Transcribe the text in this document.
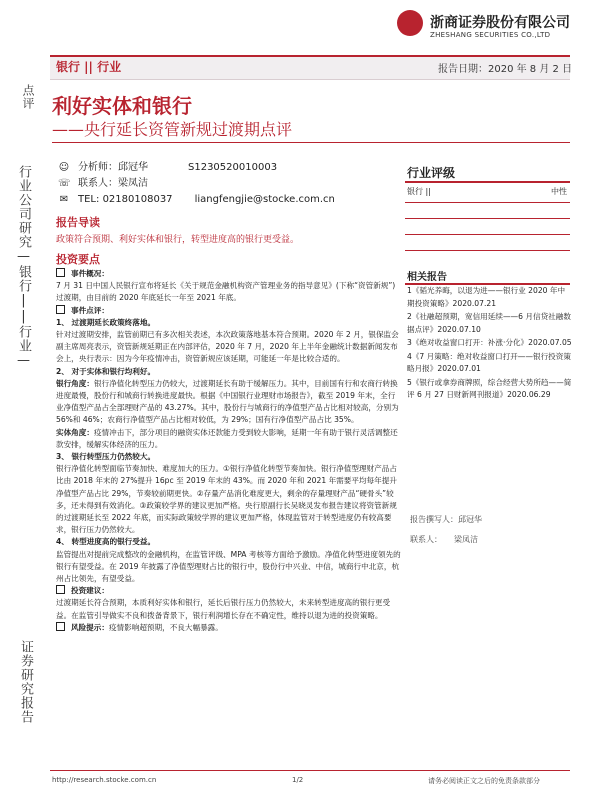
浙商证券股份有限公司
ZHESHANG SECURITIES CO.,LTD
银行 || 行业	报告日期：2020 年 8 月 2 日
点评 利好实体和银行
——央行延长资管新规过渡期点评
行业公司研究—银行||行业—
证券研究报告
☺ 分析师：邱冠华	S1230520010003
☏ 联系人：梁凤洁
✉ TEL: 02180108037 liangfengjie@stocke.com.cn
行业评级
银行 ||	中性
报告导读
政策符合预期、利好实体和银行，转型进度高的银行更受益。
投资要点

事件概况：

7 月 31 日中国人民银行宣布将延长《关于规范金融机构资产管理业务的指导意见》(下称“资管新规”)过渡期，由目前的 2020 年底延长一年至 2021 年底。

事件点评：

1、 过渡期延长政策终落地。

针对过渡期安排，监管前期已有多次相关表述，本次政策落地基本符合预期。2020 年 2 月，银保监会副主席周亮表示，资管新规延期正在内部评估，2020 年 7 月，2020 年上半年金融统计数据新闻发布会上，央行表示：因为今年疫情冲击，资管新规应该延期，可能延一年是比较合适的。

2、 对于实体和银行均利好。

银行角度：银行净值化转型压力仍较大，过渡期延长有助于缓解压力。其中，目前国有行和农商行转换进度最慢，股份行和城商行转换进度最快。根据《中国银行业理财市场报告》，截至 2019 年末，全行业净值型产品占全部理财产品的 43.27%。其中，股份行与城商行的净值型产品占比相对较高，分别为 56%和 46%；农商行净值型产品占比相对较低，为 29%；国有行净值型产品占比 35%。

实体角度：疫情冲击下，部分项目的融资实体还款能力受到较大影响，延期一年有助于银行灵活调整还款安排，缓解实体经济的压力。

3、 银行转型压力仍然较大。

银行净值化转型面临节奏加快、难度加大的压力。①银行净值化转型节奏加快。银行净值型理财产品占比由 2018 年末的 27%提升 16pc 至 2019 年末的 43%。而 2020 年和 2021 年需要平均每年提升净值型产品占比 29%，节奏较前期更快。②存量产品消化难度更大，剩余的存量理财产品“硬骨头”较多，还未得到有效消化。③政策较学界的建议更加严格。央行原副行长吴晓灵发布报告建议将资管新规的过渡期延长至 2022 年底，而实际政策较学界的建议更加严格，体现监管对于转型进度仍有较高要求，银行压力仍然较大。

4、 转型进度高的银行受益。

监管提出对提前完成整改的金融机构，在监管评级、MPA 考核等方面给予激励。净值化转型进度领先的银行有望受益。在 2019 年披露了净值型理财占比的银行中，股份行中兴业、中信，城商行中北京，杭州占比领先，有望受益。

投资建议：

过渡期延长符合预期，本质利好实体和银行，延长后银行压力仍然较大，未来转型进度高的银行更受益。在监管引导做实不良和拨备背景下，银行利润增长存在不确定性，维持以退为进的投资策略。

风险提示：疫情影响超预期，不良大幅暴露。

相关报告

1《韬光养晦，以退为进——银行业 2020 年中期投资策略》2020.07.21

2《社融超预期，宽信用延续——6 月信贷社融数据点评》2020.07.10

3《绝对收益窗口打开：补涨·分化》2020.07.05

4《7 月策略：绝对收益窗口打开——银行投资策略月报》2020.07.01

5《银行或拿券商牌照，综合经营大势所趋——简评 6 月 27 日财新网刊报道》2020.06.29

报告撰写人：邱冠华
联系人： 梁凤洁
http://research.stocke.com.cn	1/2	请务必阅读正文之后的免责条款部分
